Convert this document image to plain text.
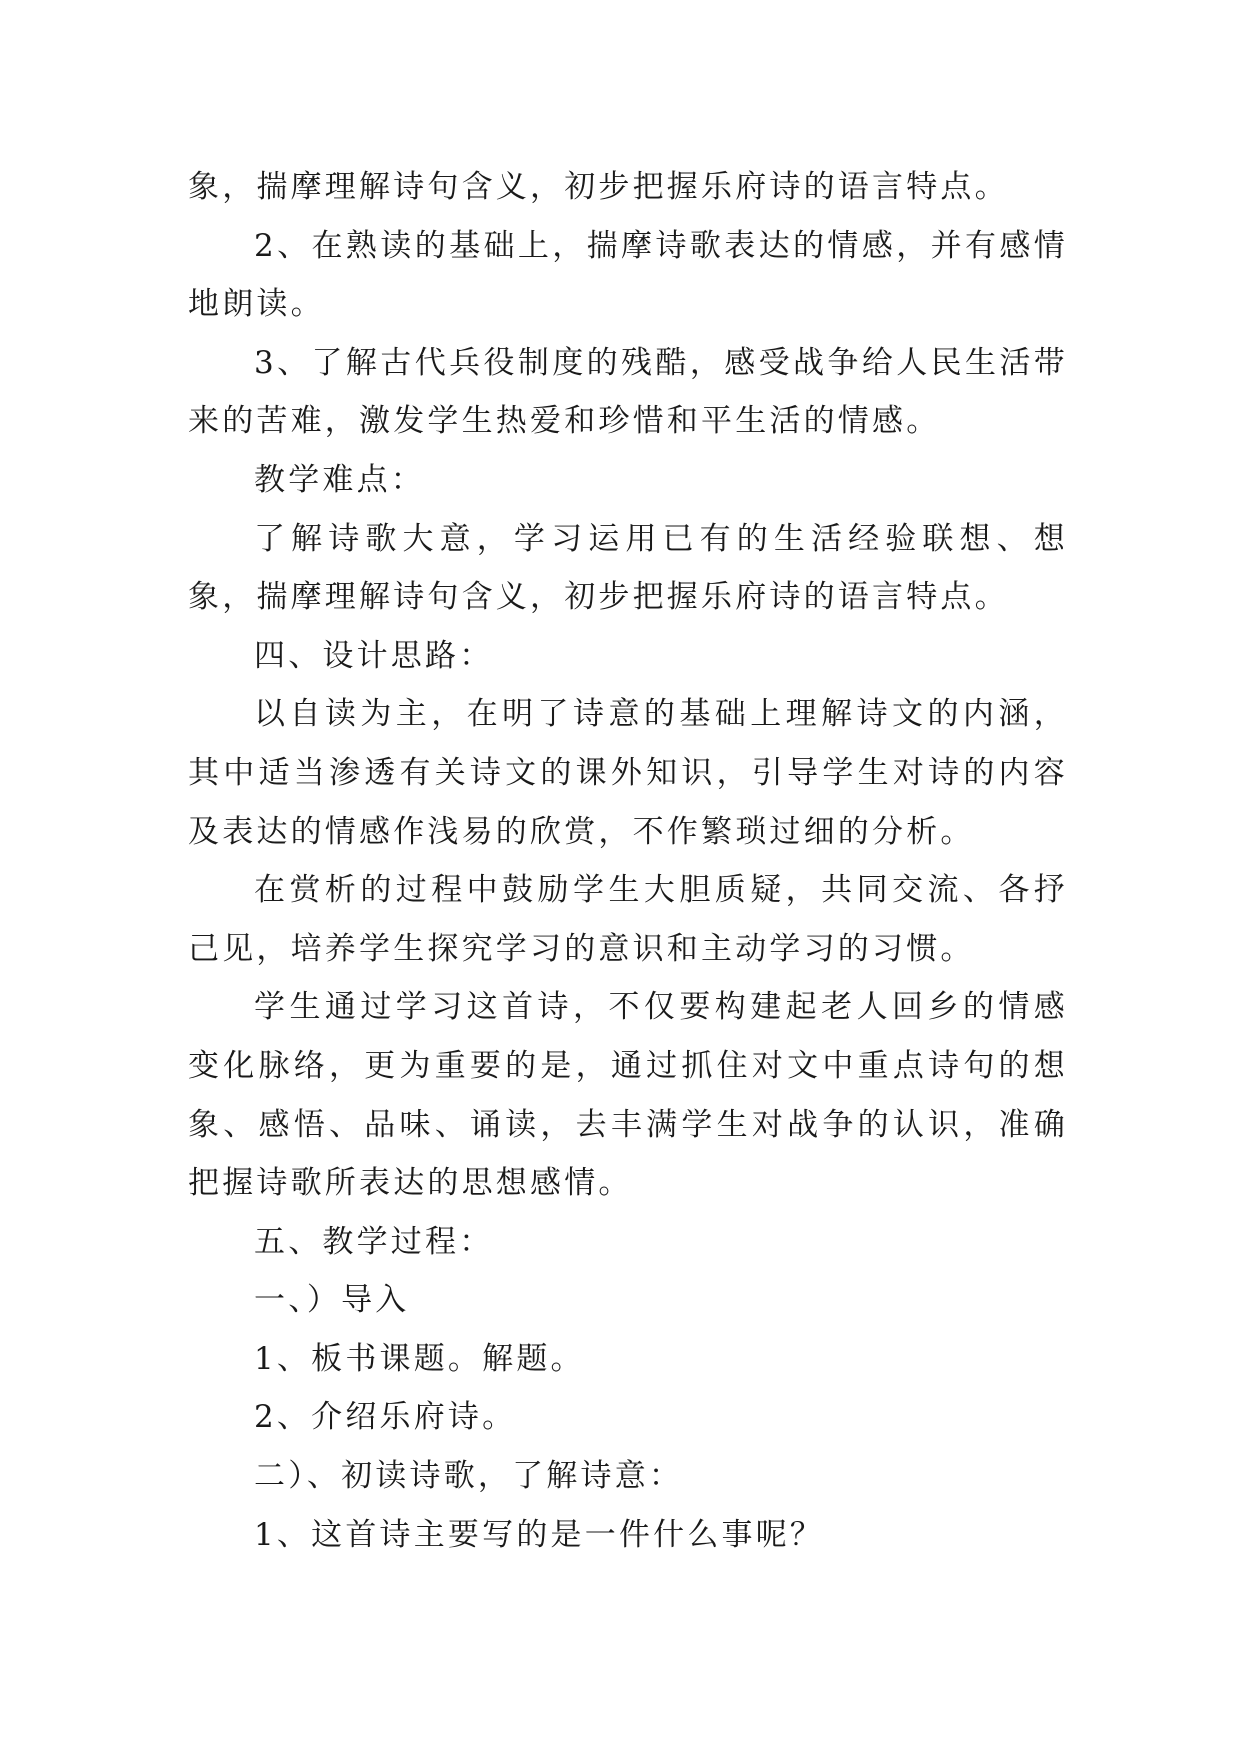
象，揣摩理解诗句含义，初步把握乐府诗的语言特点。

2、在熟读的基础上，揣摩诗歌表达的情感，并有感情地朗读。

3、了解古代兵役制度的残酷，感受战争给人民生活带来的苦难，激发学生热爱和珍惜和平生活的情感。

教学难点：

了解诗歌大意，学习运用已有的生活经验联想、想象，揣摩理解诗句含义，初步把握乐府诗的语言特点。

四、设计思路：

以自读为主，在明了诗意的基础上理解诗文的内涵，其中适当渗透有关诗文的课外知识，引导学生对诗的内容及表达的情感作浅易的欣赏，不作繁琐过细的分析。

在赏析的过程中鼓励学生大胆质疑，共同交流、各抒己见，培养学生探究学习的意识和主动学习的习惯。

学生通过学习这首诗，不仅要构建起老人回乡的情感变化脉络，更为重要的是，通过抓住对文中重点诗句的想象、感悟、品味、诵读，去丰满学生对战争的认识，准确把握诗歌所表达的思想感情。

五、教学过程：

一、）导入

1、板书课题。解题。

2、介绍乐府诗。

二）、初读诗歌，了解诗意：

1、这首诗主要写的是一件什么事呢？
